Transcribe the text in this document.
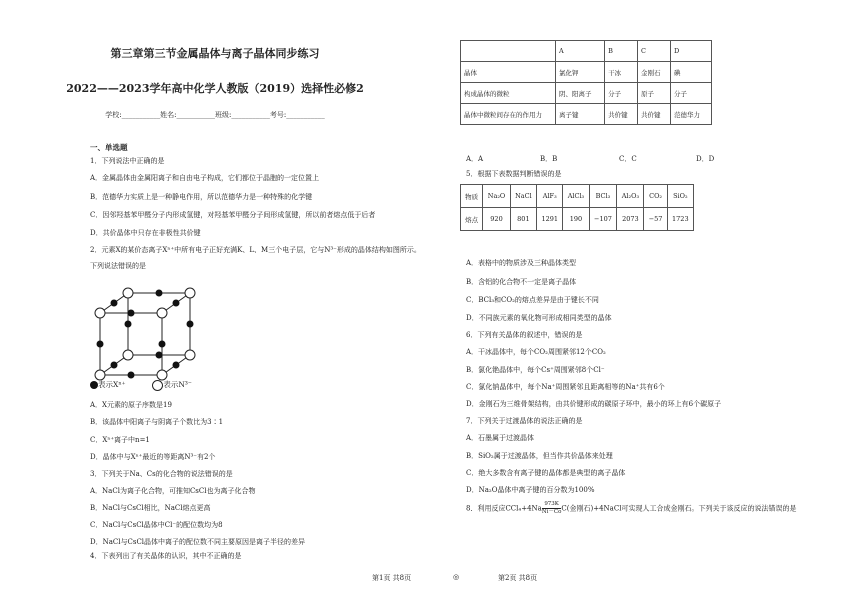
第三章第三节金属晶体与离子晶体同步练习
2022——2023学年高中化学人教版（2019）选择性必修2
学校:___________姓名:___________班级:___________考号:___________
一、单选题
1．下列说法中正确的是
A．金属晶体由金属阳离子和自由电子构成，它们都位于晶胞的一定位置上
B．范德华力实质上是一种静电作用，所以范德华力是一种特殊的化学键
C．因邻羟基苯甲醛分子内形成氢键，对羟基苯甲醛分子间形成氢键，所以前者熔点低于后者
D．共价晶体中只存在非极性共价键
2．元素X的某价态离子Xⁿ⁺中所有电子正好充满K、L、M三个电子层，它与N³⁻形成的晶体结构如图所示。
下列说法错误的是
A．X元素的原子序数是19
B．该晶体中阳离子与阴离子个数比为3∶1
C．Xⁿ⁺离子中n=1
D．晶体中与Xⁿ⁺最近的等距离N³⁻有2个
3．下列关于Na、Cs的化合物的说法错误的是
A．NaCl为离子化合物，可推知CsCl也为离子化合物
B．NaCl与CsCl相比，NaCl熔点更高
C．NaCl与CsCl晶体中Cl⁻的配位数均为8
D．NaCl与CsCl晶体中离子的配位数不同主要原因是离子半径的差异
4．下表列出了有关晶体的认识，其中不正确的是
表示Xⁿ⁺	表示N³⁻
第1页 共8页	◎
	A	B	C	D
晶体	氯化钾	干冰	金刚石	碘
构成晶体的微粒	阴、阳离子	分子	原子	分子
晶体中微粒间存在的作用力	离子键	共价键	共价键	范德华力
A．A	B．B	C．C	D．D
5．根据下表数据判断错误的是
物质	Na₂O	NaCl	AlF₃	AlCl₃	BCl₃	Al₂O₃	CO₂	SiO₂
熔点	920	801	1291	190	−107	2073	−57	1723
A．表格中的物质涉及三种晶体类型
B．含铝的化合物不一定是离子晶体
C．BCl₃和CO₂的熔点差异是由于键长不同
D．不同族元素的氧化物可形成相同类型的晶体
6．下列有关晶体的叙述中，错误的是
A．干冰晶体中，每个CO₂周围紧邻12个CO₂
B．氯化铯晶体中，每个Cs⁺周围紧邻8个Cl⁻
C．氯化钠晶体中，每个Na⁺周围紧邻且距离相等的Na⁺共有6个
D．金刚石为三维骨架结构，由共价键形成的碳原子环中，最小的环上有6个碳原子
7．下列关于过渡晶体的说法正确的是
A．石墨属于过渡晶体
B．SiO₂属于过渡晶体，但当作共价晶体来处理
C．绝大多数含有离子键的晶体都是典型的离子晶体
D．Na₂O晶体中离子键的百分数为100%
8．利用反应$CCl_4+4Na \frac{973K}{Ni-Co} C$(金刚石)+4NaCl可实现人工合成金刚石。下列关于该反应的说法错误的是
第2页 共8页
